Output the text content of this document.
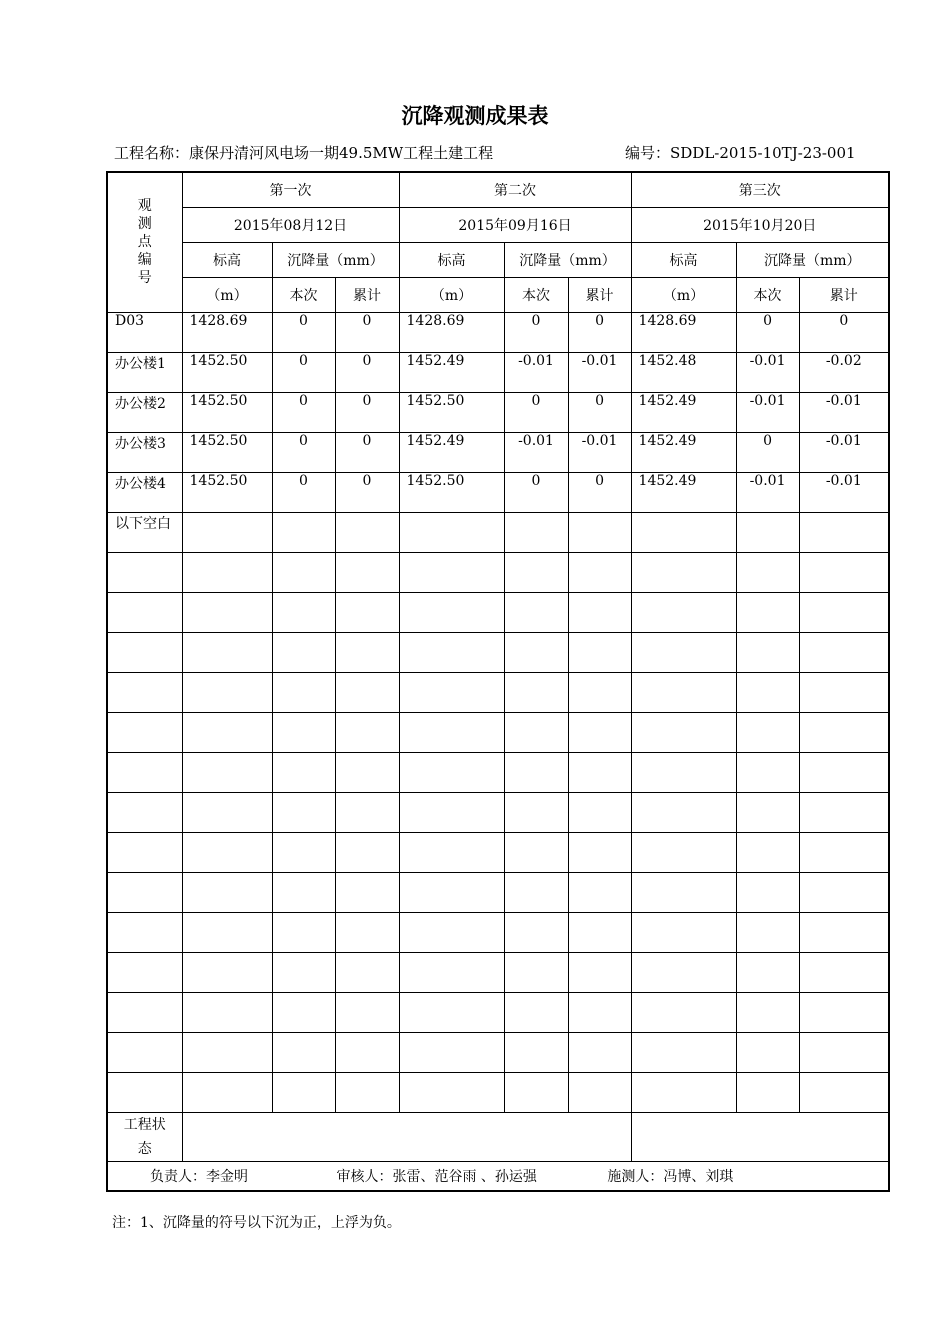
沉降观测成果表
工程名称：康保丹清河风电场一期49.5MW工程土建工程	编号：SDDL-2015-10TJ-23-001
观
测
点
编
号	第一次			第二次			第三次		
	2015年08月12日			2015年09月16日			2015年10月20日		
	标高	沉降量（mm）		标高	沉降量（mm）		标高	沉降量（mm）	
	（m）	本次	累计	（m）	本次	累计	（m）	本次	累计
D03	1428.69	0	0	1428.69	0	0	1428.69	0	0
办公楼1	1452.50	0	0	1452.49	-0.01	-0.01	1452.48	-0.01	-0.02
办公楼2	1452.50	0	0	1452.50	0	0	1452.49	-0.01	-0.01
办公楼3	1452.50	0	0	1452.49	-0.01	-0.01	1452.49	0	-0.01
办公楼4	1452.50	0	0	1452.50	0	0	1452.49	-0.01	-0.01
以下空白									

工程状
态									
负责人：李金明 审核人：张雷、范谷雨 、孙运强 施测人：冯博、刘琪									
注：1、沉降量的符号以下沉为正，上浮为负。
